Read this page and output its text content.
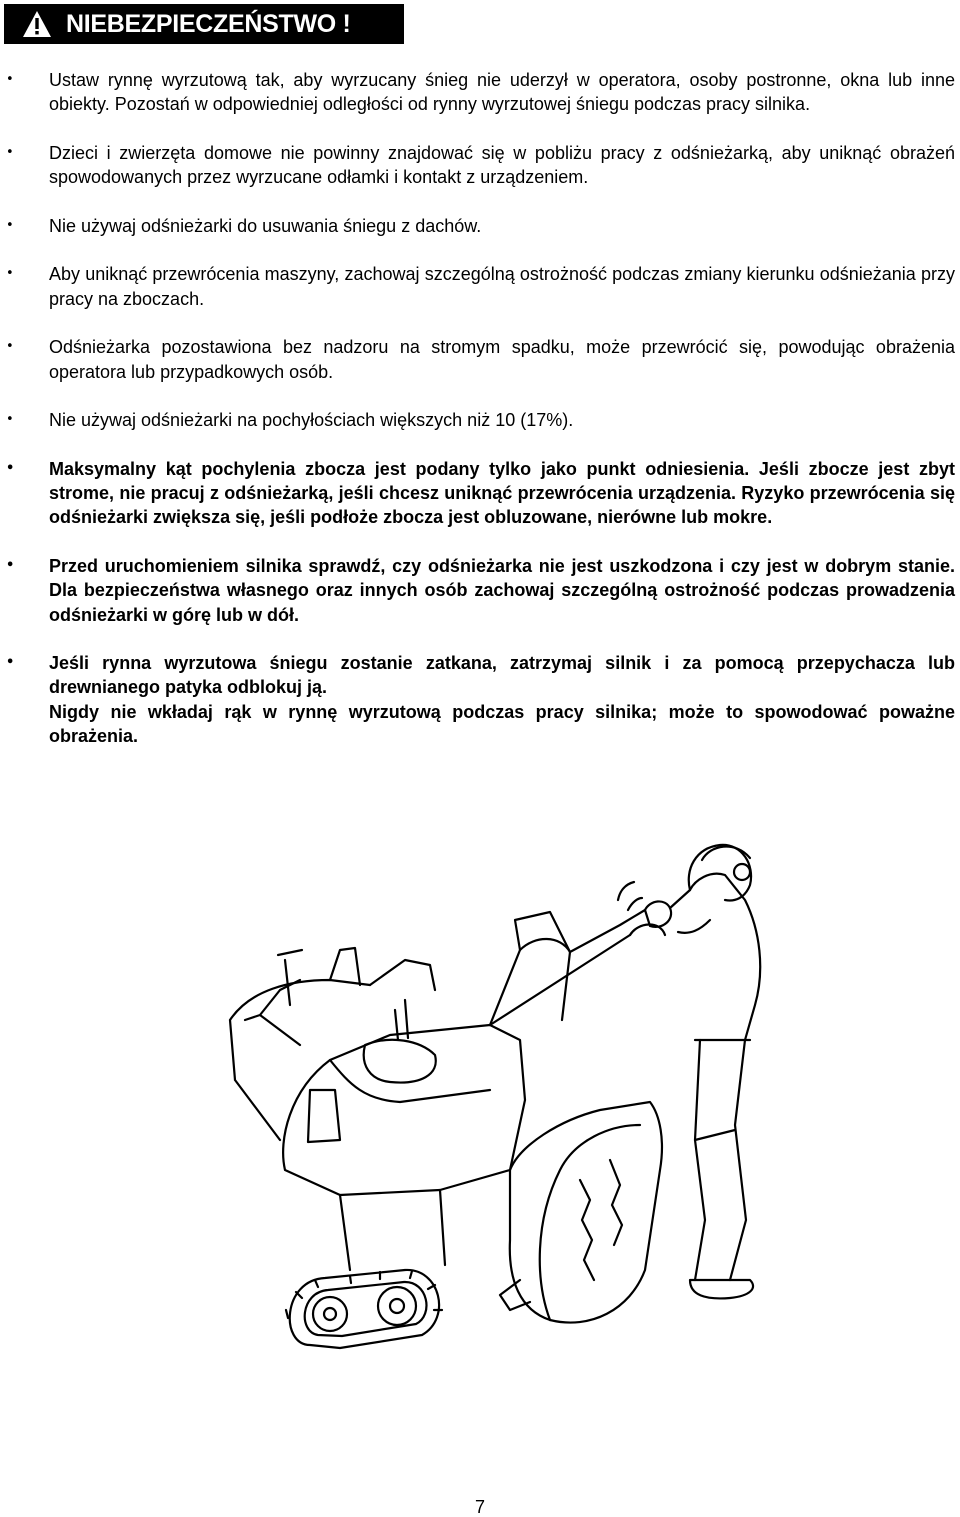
NIEBEZPIECZEŃSTWO !

• Ustaw rynnę wyrzutową tak, aby wyrzucany śnieg nie uderzył w operatora, osoby postronne, okna lub inne obiekty. Pozostań w odpowiedniej odległości od rynny wyrzutowej śniegu podczas pracy silnika.

• Dzieci i zwierzęta domowe nie powinny znajdować się w pobliżu pracy z odśnieżarką, aby uniknąć obrażeń spowodowanych przez wyrzucane odłamki i kontakt z urządzeniem.

• Nie używaj odśnieżarki do usuwania śniegu z dachów.

• Aby uniknąć przewrócenia maszyny, zachowaj szczególną ostrożność podczas zmiany kierunku odśnieżania przy pracy na zboczach.

• Odśnieżarka pozostawiona bez nadzoru na stromym spadku, może przewrócić się, powodując obrażenia operatora lub przypadkowych osób.

• Nie używaj odśnieżarki na pochyłościach większych niż 10 (17%).

• Maksymalny kąt pochylenia zbocza jest podany tylko jako punkt odniesienia. Jeśli zbocze jest zbyt strome, nie pracuj z odśnieżarką, jeśli chcesz uniknąć przewrócenia urządzenia. Ryzyko przewrócenia się odśnieżarki zwiększa się, jeśli podłoże zbocza jest obluzowane, nierówne lub mokre.

• Przed uruchomieniem silnika sprawdź, czy odśnieżarka nie jest uszkodzona i czy jest w dobrym stanie. Dla bezpieczeństwa własnego oraz innych osób zachowaj szczególną ostrożność podczas prowadzenia odśnieżarki w górę lub w dół.

• Jeśli rynna wyrzutowa śniegu zostanie zatkana, zatrzymaj silnik i za pomocą przepychacza lub drewnianego patyka odblokuj ją.

Nigdy nie wkładaj rąk w rynnę wyrzutową podczas pracy silnika; może to spowodować poważne obrażenia.

7
